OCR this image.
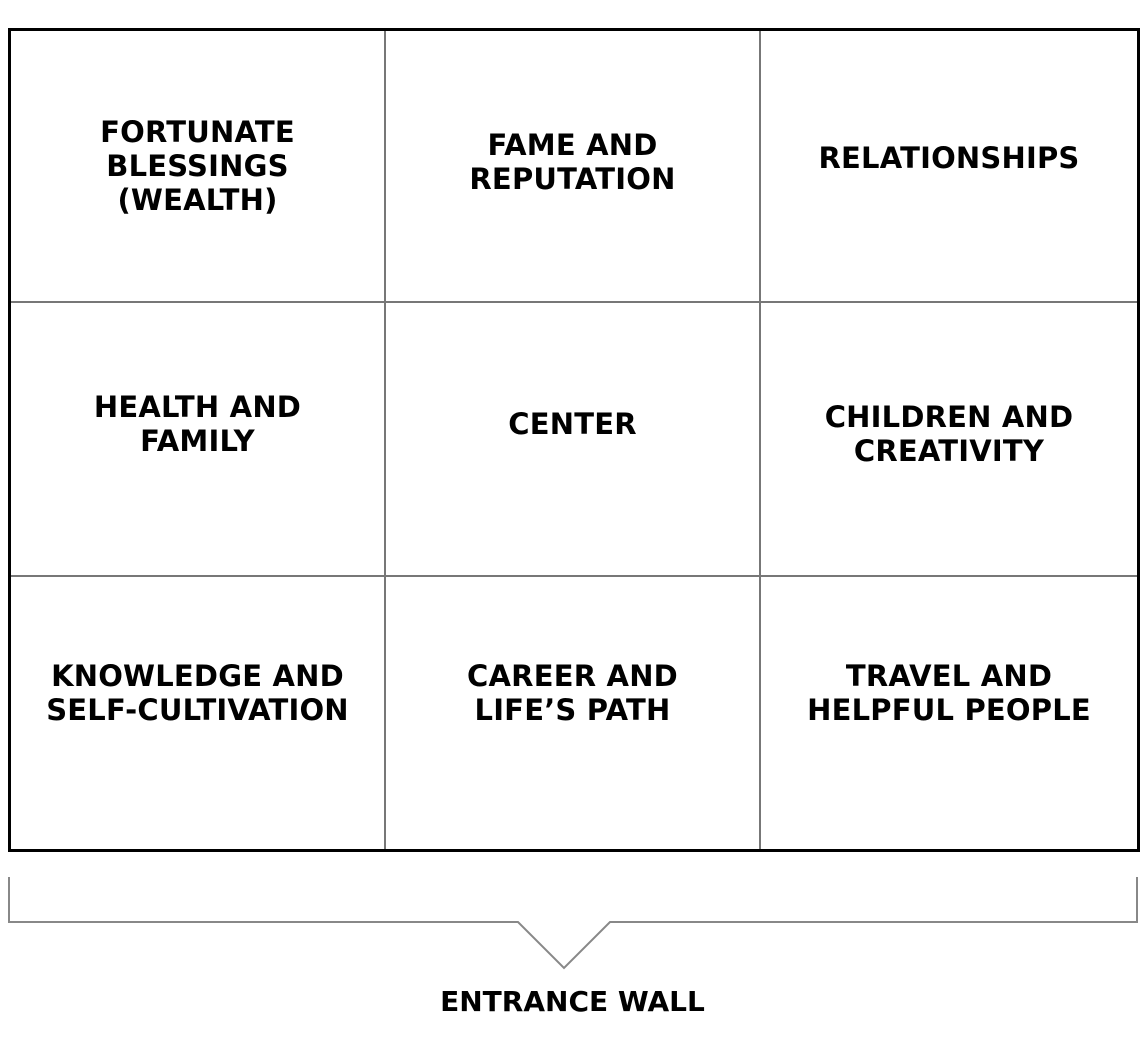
FORTUNATE
BLESSINGS
(WEALTH)
FAME AND
REPUTATION
RELATIONSHIPS
HEALTH AND
FAMILY	CENTER	CHILDREN AND
CREATIVITY
KNOWLEDGE AND
SELF-CULTIVATION
CAREER AND
LIFE’S PATH
TRAVEL AND
HELPFUL PEOPLE
ENTRANCE WALL
